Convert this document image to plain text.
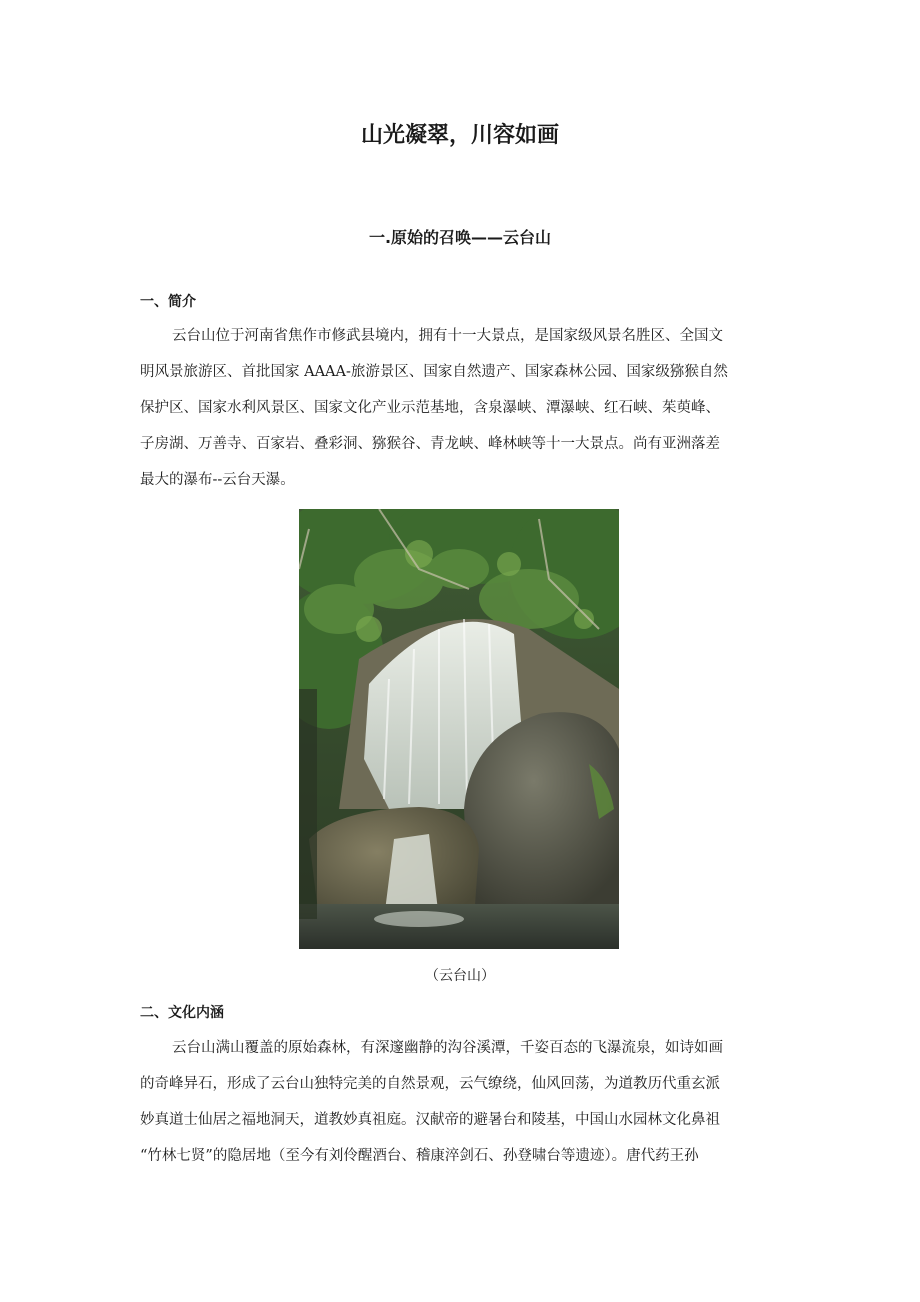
山光凝翠，川容如画
一.原始的召唤——云台山
一、简介
云台山位于河南省焦作市修武县境内，拥有十一大景点，是国家级风景名胜区、全国文
明风景旅游区、首批国家 AAAA-旅游景区、国家自然遗产、国家森林公园、国家级猕猴自然
保护区、国家水利风景区、国家文化产业示范基地，含泉瀑峡、潭瀑峡、红石峡、茱萸峰、
子房湖、万善寺、百家岩、叠彩洞、猕猴谷、青龙峡、峰林峡等十一大景点。尚有亚洲落差
最大的瀑布--云台天瀑。

（云台山）

二、文化内涵
云台山满山覆盖的原始森林，有深邃幽静的沟谷溪潭，千姿百态的飞瀑流泉，如诗如画
的奇峰异石，形成了云台山独特完美的自然景观，云气缭绕，仙风回荡，为道教历代重玄派
妙真道士仙居之福地洞天，道教妙真祖庭。汉献帝的避暑台和陵基，中国山水园林文化鼻祖
“竹林七贤”的隐居地（至今有刘伶醒酒台、稽康淬剑石、孙登啸台等遗迹）。唐代药王孙
